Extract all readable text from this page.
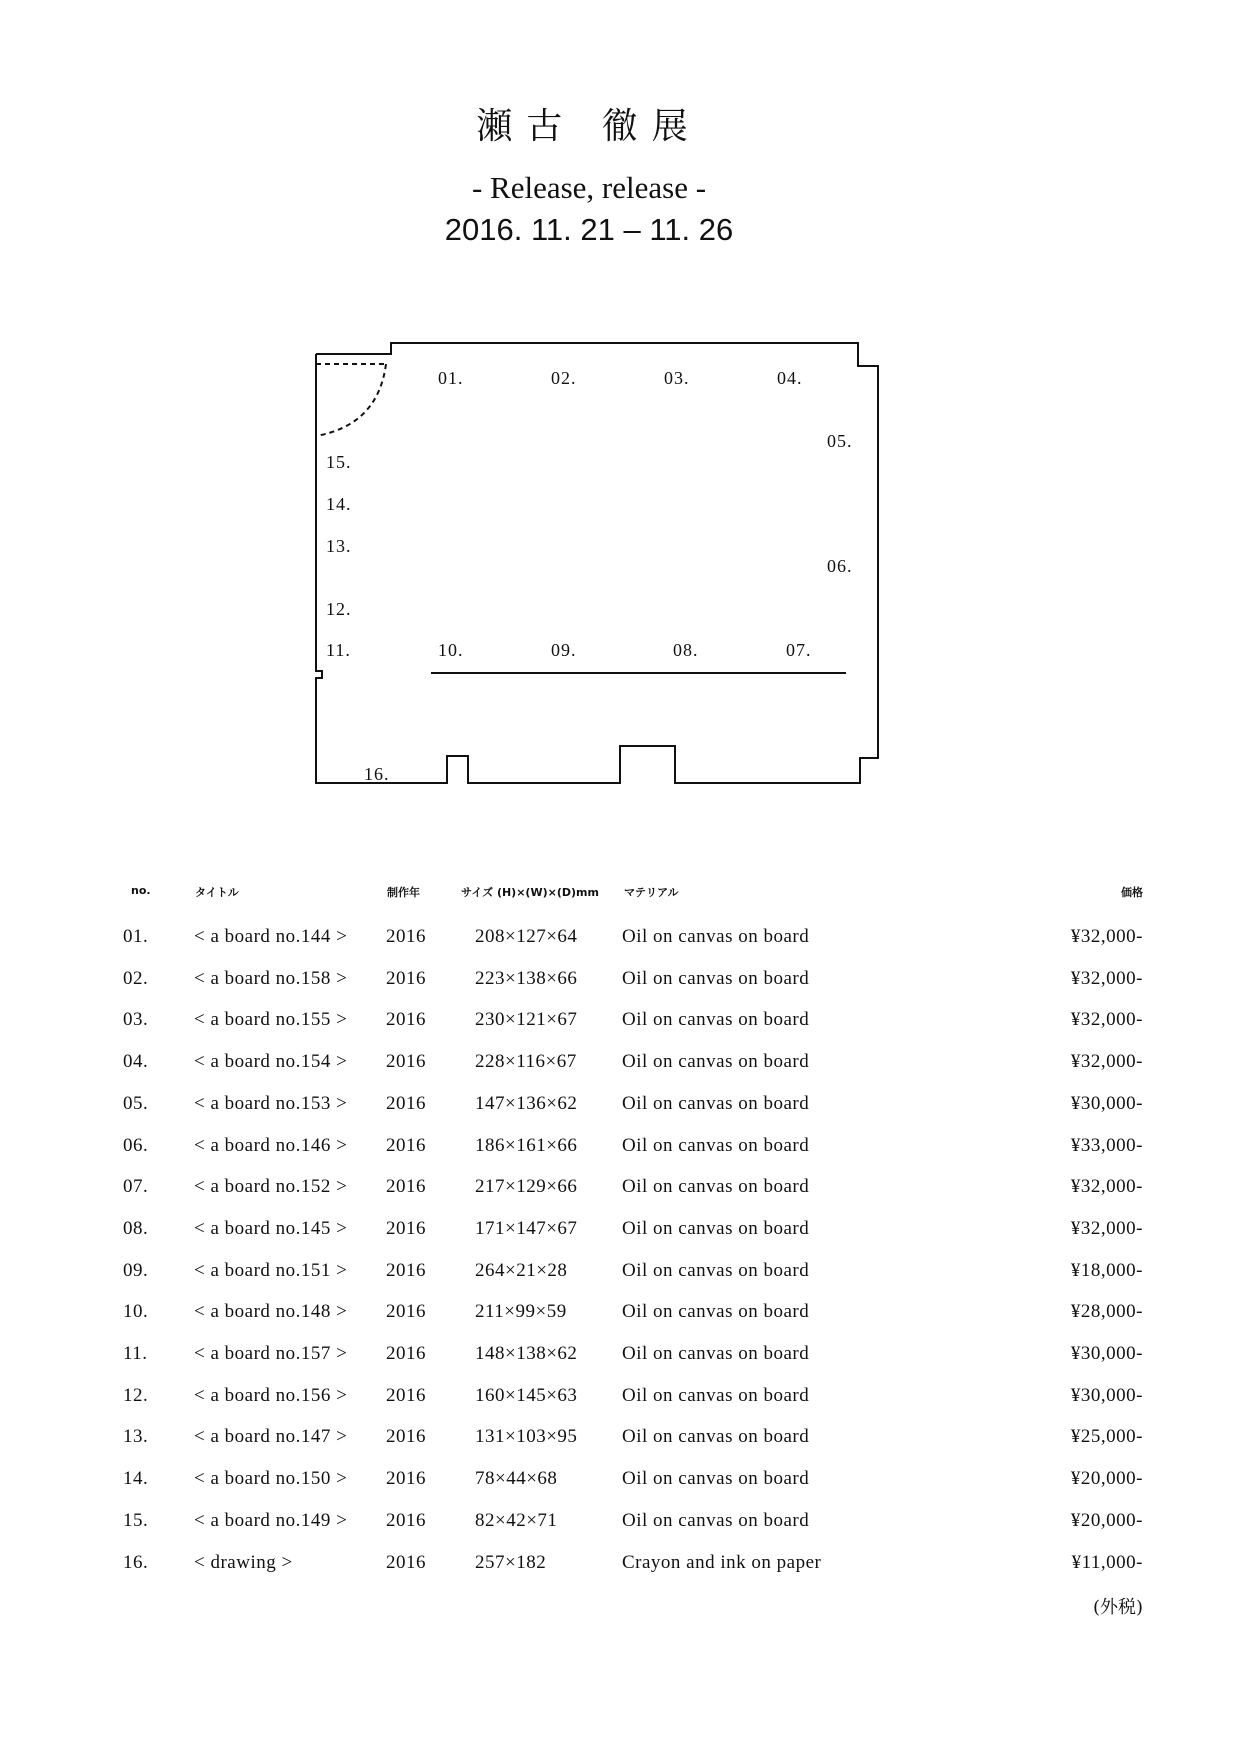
瀬古 徹展
- Release, release -
2016. 11. 21 – 11. 26
01.	02.	03.	04.
05.
06.
07.
08.
09.
10.
11.
12.
13.
14.
15.
16.
no.	タイトル	制作年	サイズ (H)×(W)×(D)mm マテリアル	価格
01. < a board no.144 > 2016	208×127×64 Oil on canvas on board	¥32,000-
02. < a board no.158 > 2016	223×138×66 Oil on canvas on board	¥32,000-
03. < a board no.155 > 2016	230×121×67 Oil on canvas on board	¥32,000-
04. < a board no.154 > 2016	228×116×67 Oil on canvas on board	¥32,000-
05. < a board no.153 > 2016	147×136×62 Oil on canvas on board	¥30,000-
06. < a board no.146 > 2016	186×161×66 Oil on canvas on board	¥33,000-
07. < a board no.152 > 2016	217×129×66 Oil on canvas on board	¥32,000-
08. < a board no.145 > 2016	171×147×67 Oil on canvas on board	¥32,000-
09. < a board no.151 > 2016	264×21×28	Oil on canvas on board	¥18,000-
10. < a board no.148 > 2016	211×99×59	Oil on canvas on board	¥28,000-
11. < a board no.157 > 2016	148×138×62 Oil on canvas on board	¥30,000-
12. < a board no.156 > 2016	160×145×63 Oil on canvas on board	¥30,000-
13. < a board no.147 > 2016	131×103×95 Oil on canvas on board	¥25,000-
14. < a board no.150 > 2016	78×44×68	Oil on canvas on board	¥20,000-
15. < a board no.149 > 2016	82×42×71	Oil on canvas on board	¥20,000-
16. < drawing >	2016	257×182	Crayon and ink on paper	¥11,000-
(外税)
